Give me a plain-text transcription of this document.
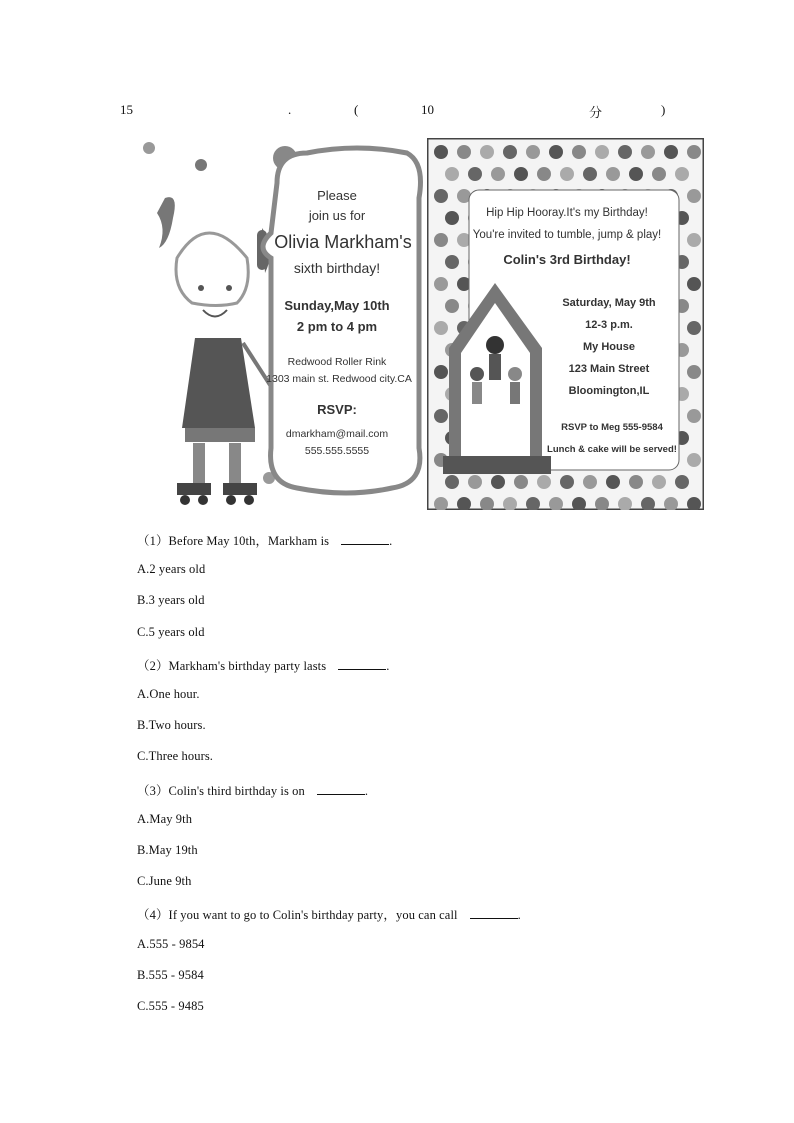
15	.	(	10	分	)
Please
join us for
Olivia Markham's
sixth birthday!
Sunday,May 10th
2 pm to 4 pm
Redwood Roller Rink
1303 main st. Redwood city.CA
RSVP:
dmarkham@mail.com
555.555.5555
Hip Hip Hooray.It's my Birthday!
You're invited to tumble, jump & play!
Colin's 3rd Birthday!
Saturday, May 9th
12-3 p.m.
My House
123 Main Street
Bloomington,IL
RSVP to Meg 555-9584
Lunch & cake will be served!
（1）Before May 10th，Markham is	.
A.2 years old
B.3 years old
C.5 years old
（2）Markham's birthday party lasts	.
A.One hour.
B.Two hours.
C.Three hours.
（3）Colin's third birthday is on	.
A.May 9th
B.May 19th
C.June 9th
（4）If you want to go to Colin's birthday party，you can call	.
A.555 - 9854
B.555 - 9584
C.555 - 9485
